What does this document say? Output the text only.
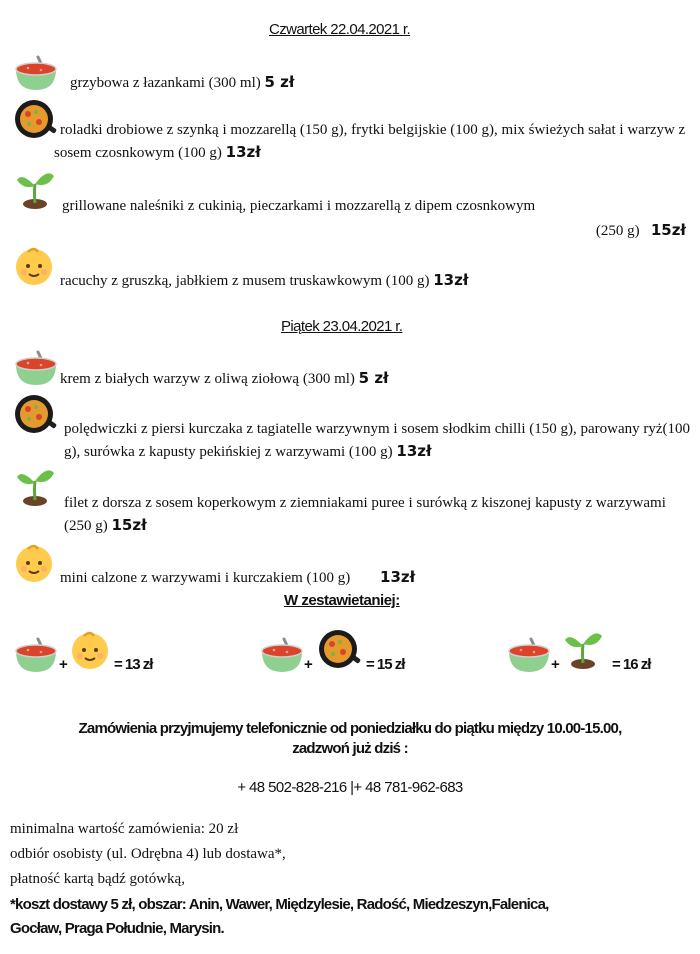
Czwartek 22.04.2021 r.
grzybowa z łazankami (300 ml) 5 zł
roladki drobiowe z szynką i mozzarellą (150 g), frytki belgijskie (100 g), mix świeżych sałat i warzyw z sosem czosnkowym (100 g) 13zł
grillowane naleśniki z cukinią, pieczarkami i mozzarellą z dipem czosnkowym
(250 g) 15zł
racuchy z gruszką, jabłkiem z musem truskawkowym (100 g) 13zł
Piątek 23.04.2021 r.
krem z białych warzyw z oliwą ziołową (300 ml) 5 zł
polędwiczki z piersi kurczaka z tagiatelle warzywnym i sosem słodkim chilli (150 g), parowany ryż(100 g), surówka z kapusty pekińskiej z warzywami (100 g) 13zł
filet z dorsza z sosem koperkowym z ziemniakami puree i surówką z kiszonej kapusty z warzywami (250 g) 15zł
mini calzone z warzywami i kurczakiem (100 g) 13zł
W zestawietaniej:
+	= 13 zł	+	= 15 zł	+	= 16 zł
Zamówienia przyjmujemy telefonicznie od poniedziałku do piątku między 10.00-15.00,
zadzwoń już dziś :
+ 48 502-828-216 |+ 48 781-962-683
minimalna wartość zamówienia: 20 zł
odbiór osobisty (ul. Odrębna 4) lub dostawa*,
płatność kartą bądź gotówką,
*koszt dostawy 5 zł, obszar: Anin, Wawer, Międzylesie, Radość, Miedzeszyn,Falenica,
Gocław, Praga Południe, Marysin.
